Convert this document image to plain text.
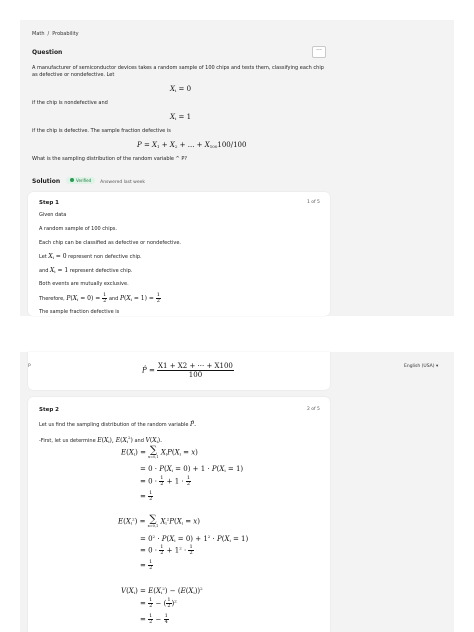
Math / Probability
Question	···
A manufacturer of semiconductor devices takes a random sample of 100 chips and tests them, classifying each chip as defective or nondefective. Let
$X_i = 0$
if the chip is nondefective and
$X_i = 1$
if the chip is defective. The sample fraction defective is
$P = X_1 + X_2$ + ... + $X_{100}100/100$
What is the sampling distribution of the random variable ^ P?
Solution	Verified Answered last week
Step 1	1 of 5
Given data
A random sample of 100 chips.
Each chip can be classified as defective or nondefective.
Let $X_i = 0$ represent non defective chip.
and $X_i = 1$ represent defective chip.
Both events are mutually exclusive.
Therefore, $P(X_i = 0) = \frac{1}{2}$ and $P(X_i = 1) = \frac{1}{2}$
The sample fraction defective is
P	P̂ = $\frac{X1 + X2 + \cdot\cdot\cdot + X100}{100}$	English (USA) ▾
Step 2	2 of 5
Let us find the sampling distribution of the random variable P̂.
-First, let us determine $E(X_i)$, $E(X_i^2)$ and $V(X_i)$.
$E(X_i)$ = ∑
x=0,1
$X_iP(X_i = x)$
= $0 \cdot P(X_i = 0) + 1 \cdot P(X_i = 1)$
= $0 \cdot \frac{1}{2} + 1 \cdot \frac{1}{2}$
= $\frac{1}{2}$
$E(X_i^2)$ = ∑
x=0,1
$X_i^2P(X_i = x)$
= $0^2 \cdot P(X_i = 0) + 1^2 \cdot P(X_i = 1)$
= $0 \cdot \frac{1}{2} + 1^2 \cdot \frac{1}{2}$
= $\frac{1}{2}$
$V(X_i) = E(X_i^2) - (E(X_i))^2$
= $\frac{1}{2}$ − ( $\frac{1}{2} )^2$
= $\frac{1}{2} - \frac{1}{4}$
